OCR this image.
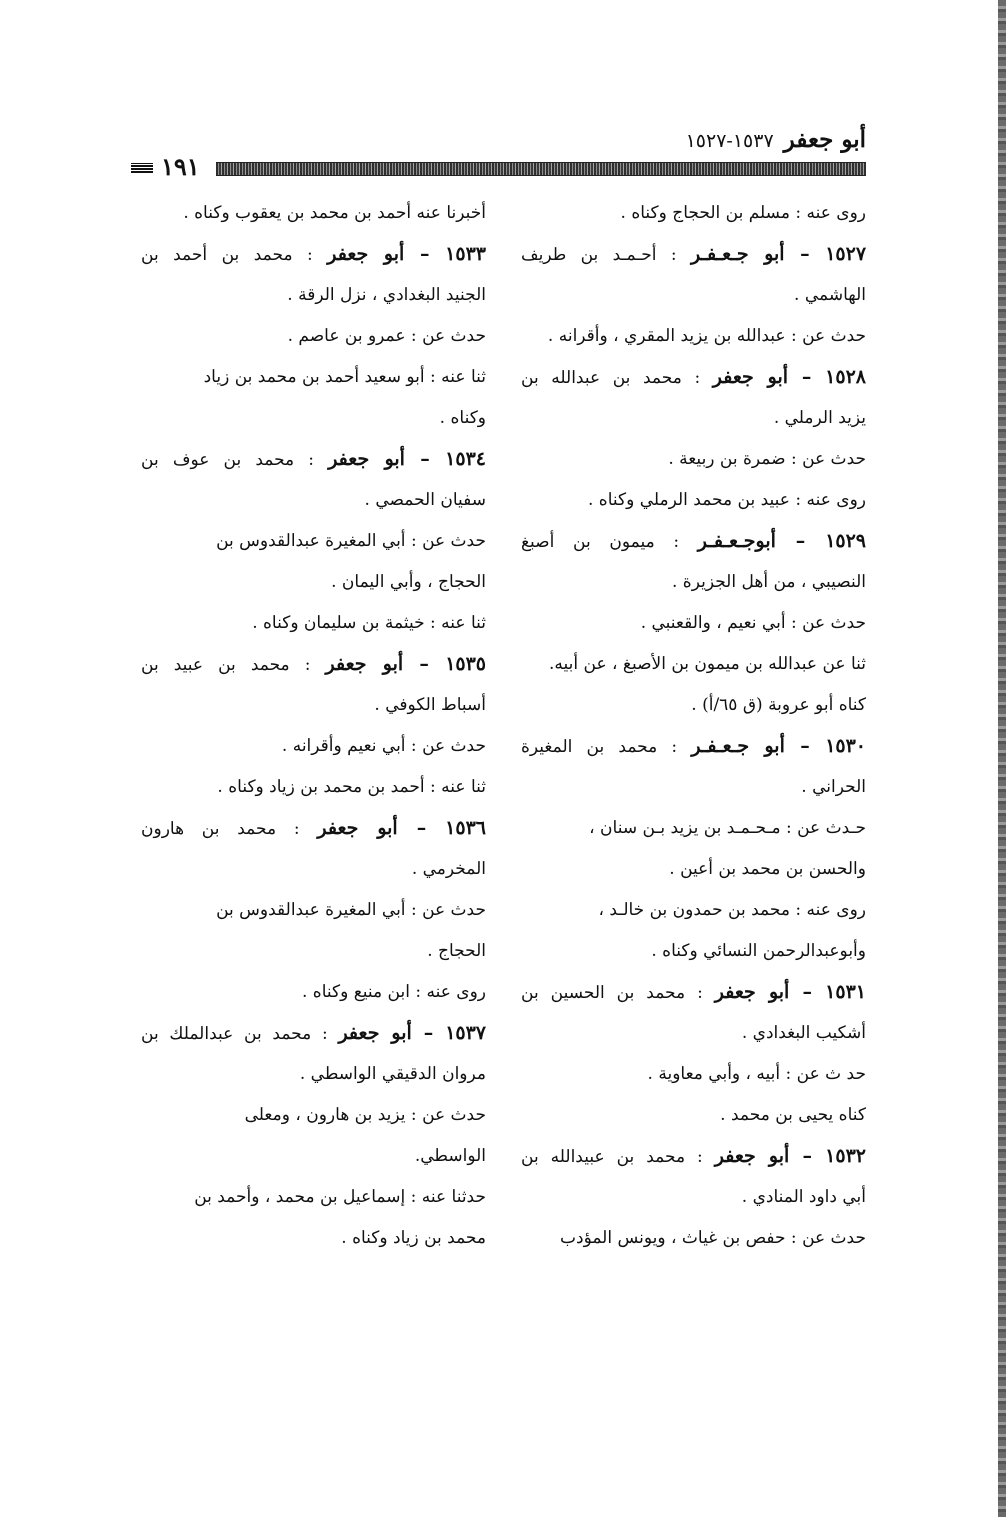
أبو جعفر
١٥٣٧-١٥٢٧
١٩١
روى عنه : مسلم بن الحجاج وكناه .
١٥٢٧ – أبو جـعـفـر : أحـمـد بن طريف
الهاشمي .
حدث عن : عبدالله بن يزيد المقري ، وأقرانه .
١٥٢٨ – أبو جعفر : محمد بن عبدالله بن
يزيد الرملي .
حدث عن : ضمرة بن ربيعة .
روى عنه : عبيد بن محمد الرملي وكناه .
١٥٢٩ – أبوجـعـفـر : ميمون بن أصبغ
النصيبي ، من أهل الجزيرة .
حدث عن : أبي نعيم ، والقعنبي .
ثنا عن عبدالله بن ميمون بن الأصبغ ، عن أبيه.
كناه أبو عروبة (ق ٦٥/أ) .
١٥٣٠ – أبو جـعـفـر : محمد بن المغيرة
الحراني .
حـدث عن : مـحـمـد بن يزيد بـن سنان ،
والحسن بن محمد بن أعين .
روى عنه : محمد بن حمدون بن خالـد ،
وأبوعبدالرحمن النسائي وكناه .
١٥٣١ – أبو جعفر : محمد بن الحسين بن
أشكيب البغدادي .
حد ث عن : أبيه ، وأبي معاوية .
كناه يحيى بن محمد .
١٥٣٢ – أبو جعفر : محمد بن عبيدالله بن
أبي داود المنادي .
حدث عن : حفص بن غياث ، ويونس المؤدب
أخبرنا عنه أحمد بن محمد بن يعقوب وكناه .
١٥٣٣ – أبو جعفر : محمد بن أحمد بن
الجنيد البغدادي ، نزل الرقة .
حدث عن : عمرو بن عاصم .
ثنا عنه : أبو سعيد أحمد بن محمد بن زياد
وكناه .
١٥٣٤ – أبو جعفر : محمد بن عوف بن
سفيان الحمصي .
حدث عن : أبي المغيرة عبدالقدوس بن
الحجاج ، وأبي اليمان .
ثنا عنه : خيثمة بن سليمان وكناه .
١٥٣٥ – أبو جعفر : محمد بن عبيد بن
أسباط الكوفي .
حدث عن : أبي نعيم وأقرانه .
ثنا عنه : أحمد بن محمد بن زياد وكناه .
١٥٣٦ – أبو جعفر : محمد بن هارون
المخرمي .
حدث عن : أبي المغيرة عبدالقدوس بن
الحجاج .
روى عنه : ابن منيع وكناه .
١٥٣٧ – أبو جعفر : محمد بن عبدالملك بن
مروان الدقيقي الواسطي .
حدث عن : يزيد بن هارون ، ومعلى
الواسطي.
حدثنا عنه : إسماعيل بن محمد ، وأحمد بن
محمد بن زياد وكناه .
